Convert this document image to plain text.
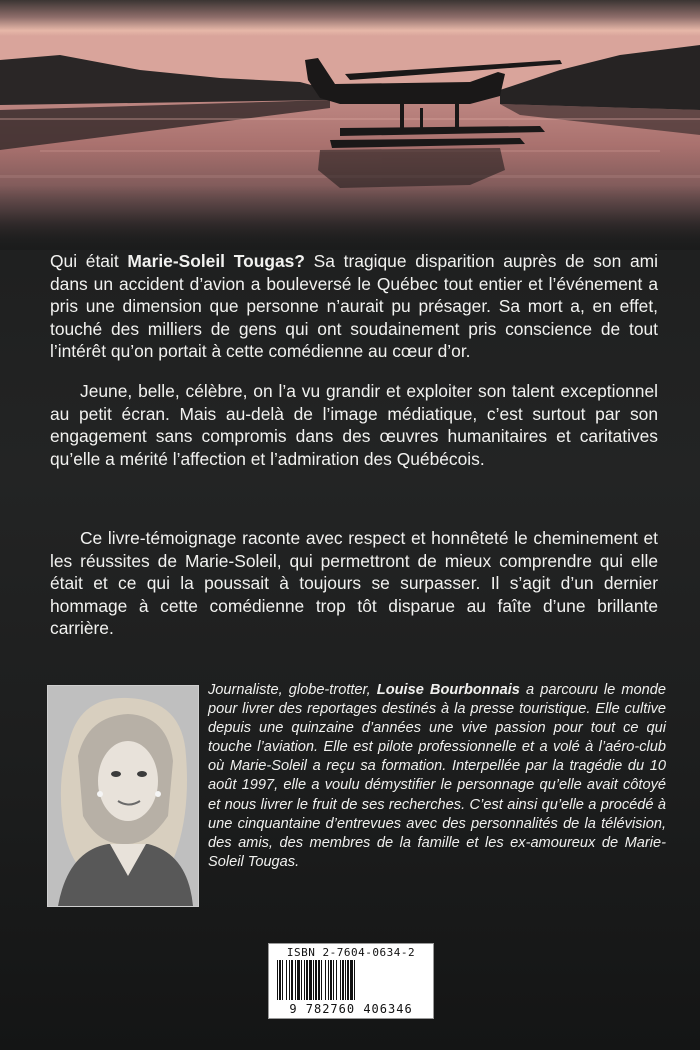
Qui était Marie-Soleil Tougas? Sa tragique disparition auprès de son ami dans un accident d’avion a bouleversé le Québec tout entier et l’événement a pris une dimension que personne n’aurait pu présager. Sa mort a, en effet, touché des milliers de gens qui ont soudainement pris conscience de tout l’intérêt qu’on portait à cette comédienne au cœur d’or.

Jeune, belle, célèbre, on l’a vu grandir et exploiter son talent exceptionnel au petit écran. Mais au-delà de l’image médiatique, c’est surtout par son engagement sans compromis dans des œuvres humanitaires et caritatives qu’elle a mérité l’affection et l’admiration des Québécois.

Ce livre-témoignage raconte avec respect et honnêteté le cheminement et les réussites de Marie-Soleil, qui permettront de mieux comprendre qui elle était et ce qui la poussait à toujours se surpasser. Il s’agit d’un dernier hommage à cette comédienne trop tôt disparue au faîte d’une brillante carrière.

Journaliste, globe-trotter, Louise Bourbonnais a parcouru le monde pour livrer des reportages destinés à la presse touristique. Elle cultive depuis une quinzaine d’années une vive passion pour tout ce qui touche l’aviation. Elle est pilote professionnelle et a volé à l’aéro-club où Marie-Soleil a reçu sa formation. Interpellée par la tragédie du 10 août 1997, elle a voulu démystifier le personnage qu’elle avait côtoyé et nous livrer le fruit de ses recherches. C’est ainsi qu’elle a procédé à une cinquantaine d’entrevues avec des personnalités de la télévision, des amis, des membres de la famille et les ex-amoureux de Marie-Soleil Tougas.

ISBN 2-7604-0634-2
9 782760 406346
